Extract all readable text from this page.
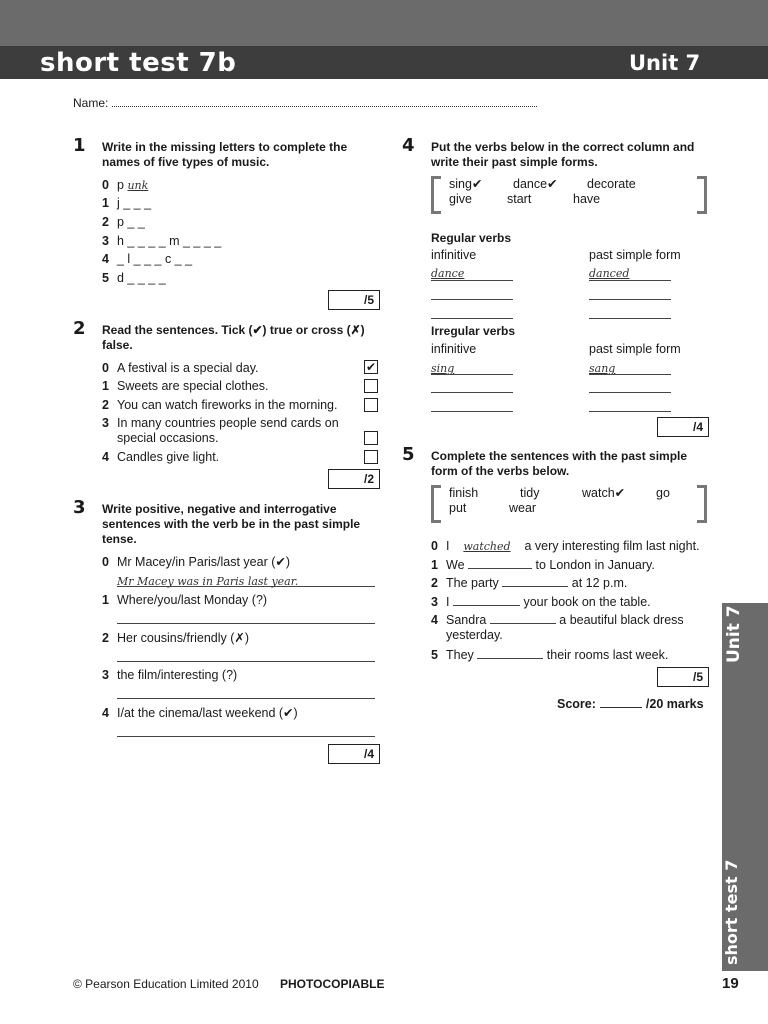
short test 7b	Unit 7
Name:
1 Write in the missing letters to complete the names of five types of music.
0 p unk
1 j _ _ _
2 p _ _
3 h _ _ _ _ m _ _ _ _
4 _ l _ _ _ c _ _
5 d _ _ _ _
/5
2 Read the sentences. Tick (✔) true or cross (✗) false.
0 A festival is a special day.	✔
1 Sweets are special clothes.
2 You can watch fireworks in the morning.
3 In many countries people send cards on
special occasions.
4 Candles give light.
/2
3 Write positive, negative and interrogative sentences with the verb be in the past simple tense.
0 Mr Macey/in Paris/last year (✔)
Mr Macey was in Paris last year.
1 Where/you/last Monday (?)
2 Her cousins/friendly (✗)
3 the film/interesting (?)
4 I/at the cinema/last weekend (✔)
/4
4 Put the verbs below in the correct column and write their past simple forms.
sing✔ dance✔ decorate
give	start	have
Regular verbs
infinitive	past simple form
dance	danced
Irregular verbs
infinitive	past simple form
sing	sang
/4
5 Complete the sentences with the past simple form of the verbs below.
finish	tidy	watch✔ go
put	wear
0 I watched a very interesting film last night.
1 We	to London in January.
2 The party	at 12 p.m.
3 I	your book on the table.
4 Sandra	a beautiful black dress
yesterday.
5 They	their rooms last week.
/5
Score:	/20 marks
Unit 7
short test 7
© Pearson Education Limited 2010 PHOTOCOPIABLE	19
